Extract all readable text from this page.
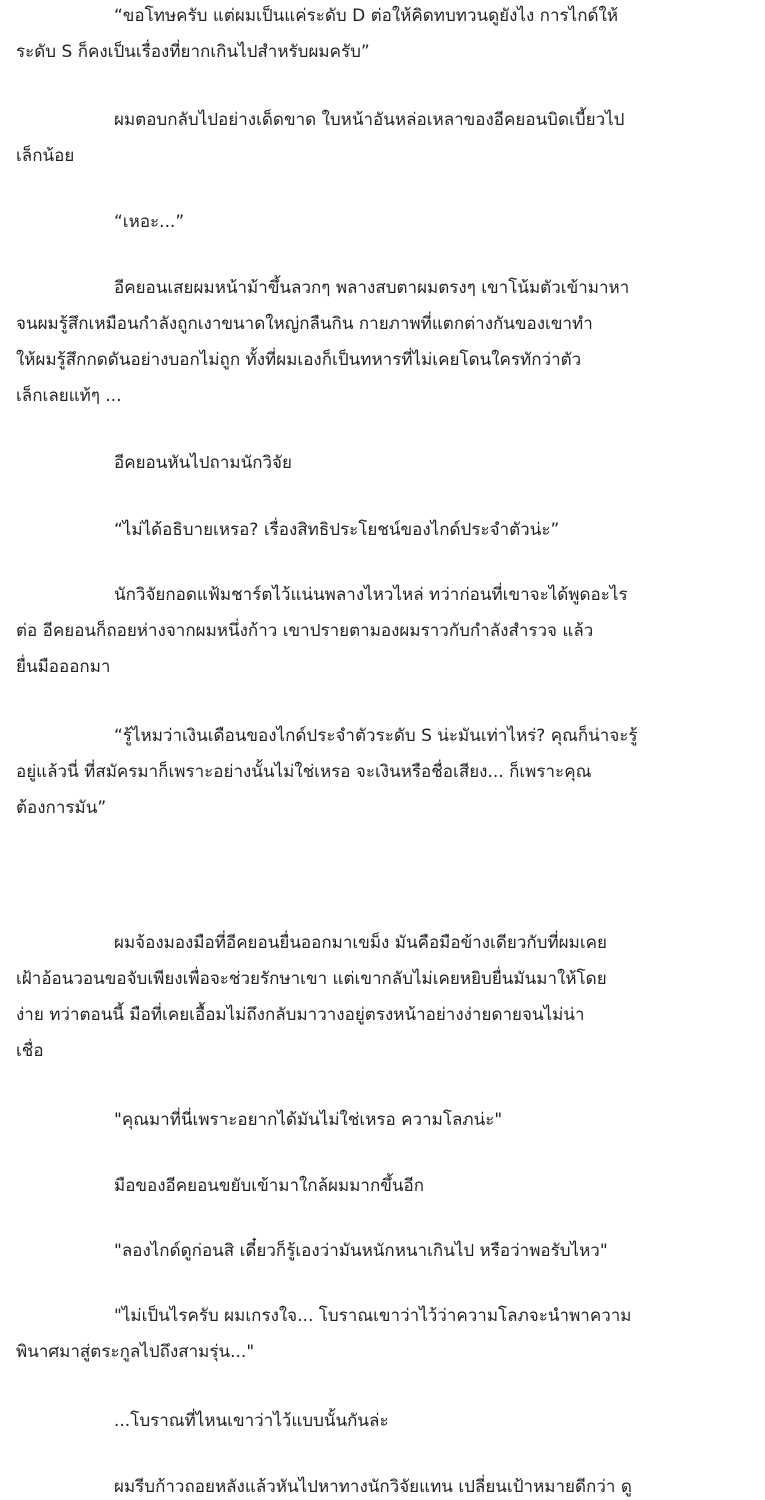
“ขอโทษครับ แต่ผมเป็นแค่ระดับ D ต่อให้คิดทบทวนดูยังไง การไกด์ให้
ระดับ S ก็คงเป็นเรื่องที่ยากเกินไปสำหรับผมครับ”

ผมตอบกลับไปอย่างเด็ดขาด ใบหน้าอันหล่อเหลาของอีคยอนบิดเบี้ยวไป
เล็กน้อย

“เหอะ...”

อีคยอนเสยผมหน้าม้าขึ้นลวกๆ พลางสบตาผมตรงๆ เขาโน้มตัวเข้ามาหา
จนผมรู้สึกเหมือนกำลังถูกเงาขนาดใหญ่กลืนกิน กายภาพที่แตกต่างกันของเขาทำ
ให้ผมรู้สึกกดดันอย่างบอกไม่ถูก ทั้งที่ผมเองก็เป็นทหารที่ไม่เคยโดนใครทักว่าตัว
เล็กเลยแท้ๆ ...

อีคยอนหันไปถามนักวิจัย

“ไม่ได้อธิบายเหรอ? เรื่องสิทธิประโยชน์ของไกด์ประจำตัวน่ะ”

นักวิจัยกอดแฟ้มชาร์ตไว้แน่นพลางไหวไหล่ ทว่าก่อนที่เขาจะได้พูดอะไร
ต่อ อีคยอนก็ถอยห่างจากผมหนึ่งก้าว เขาปรายตามองผมราวกับกำลังสำรวจ แล้ว
ยื่นมือออกมา

“รู้ไหมว่าเงินเดือนของไกด์ประจำตัวระดับ S น่ะมันเท่าไหร่? คุณก็น่าจะรู้
อยู่แล้วนี่ ที่สมัครมาก็เพราะอย่างนั้นไม่ใช่เหรอ จะเงินหรือชื่อเสียง... ก็เพราะคุณ
ต้องการมัน”

ผมจ้องมองมือที่อีคยอนยื่นออกมาเขม็ง มันคือมือข้างเดียวกับที่ผมเคย
เฝ้าอ้อนวอนขอจับเพียงเพื่อจะช่วยรักษาเขา แต่เขากลับไม่เคยหยิบยื่นมันมาให้โดย
ง่าย ทว่าตอนนี้ มือที่เคยเอื้อมไม่ถึงกลับมาวางอยู่ตรงหน้าอย่างง่ายดายจนไม่น่า
เชื่อ

"คุณมาที่นี่เพราะอยากได้มันไม่ใช่เหรอ ความโลภน่ะ"

มือของอีคยอนขยับเข้ามาใกล้ผมมากขึ้นอีก

"ลองไกด์ดูก่อนสิ เดี๋ยวก็รู้เองว่ามันหนักหนาเกินไป หรือว่าพอรับไหว"

"ไม่เป็นไรครับ ผมเกรงใจ... โบราณเขาว่าไว้ว่าความโลภจะนำพาความ
พินาศมาสู่ตระกูลไปถึงสามรุ่น..."

...โบราณที่ไหนเขาว่าไว้แบบนั้นกันล่ะ

ผมรีบก้าวถอยหลังแล้วหันไปหาทางนักวิจัยแทน เปลี่ยนเป้าหมายดีกว่า ดู
